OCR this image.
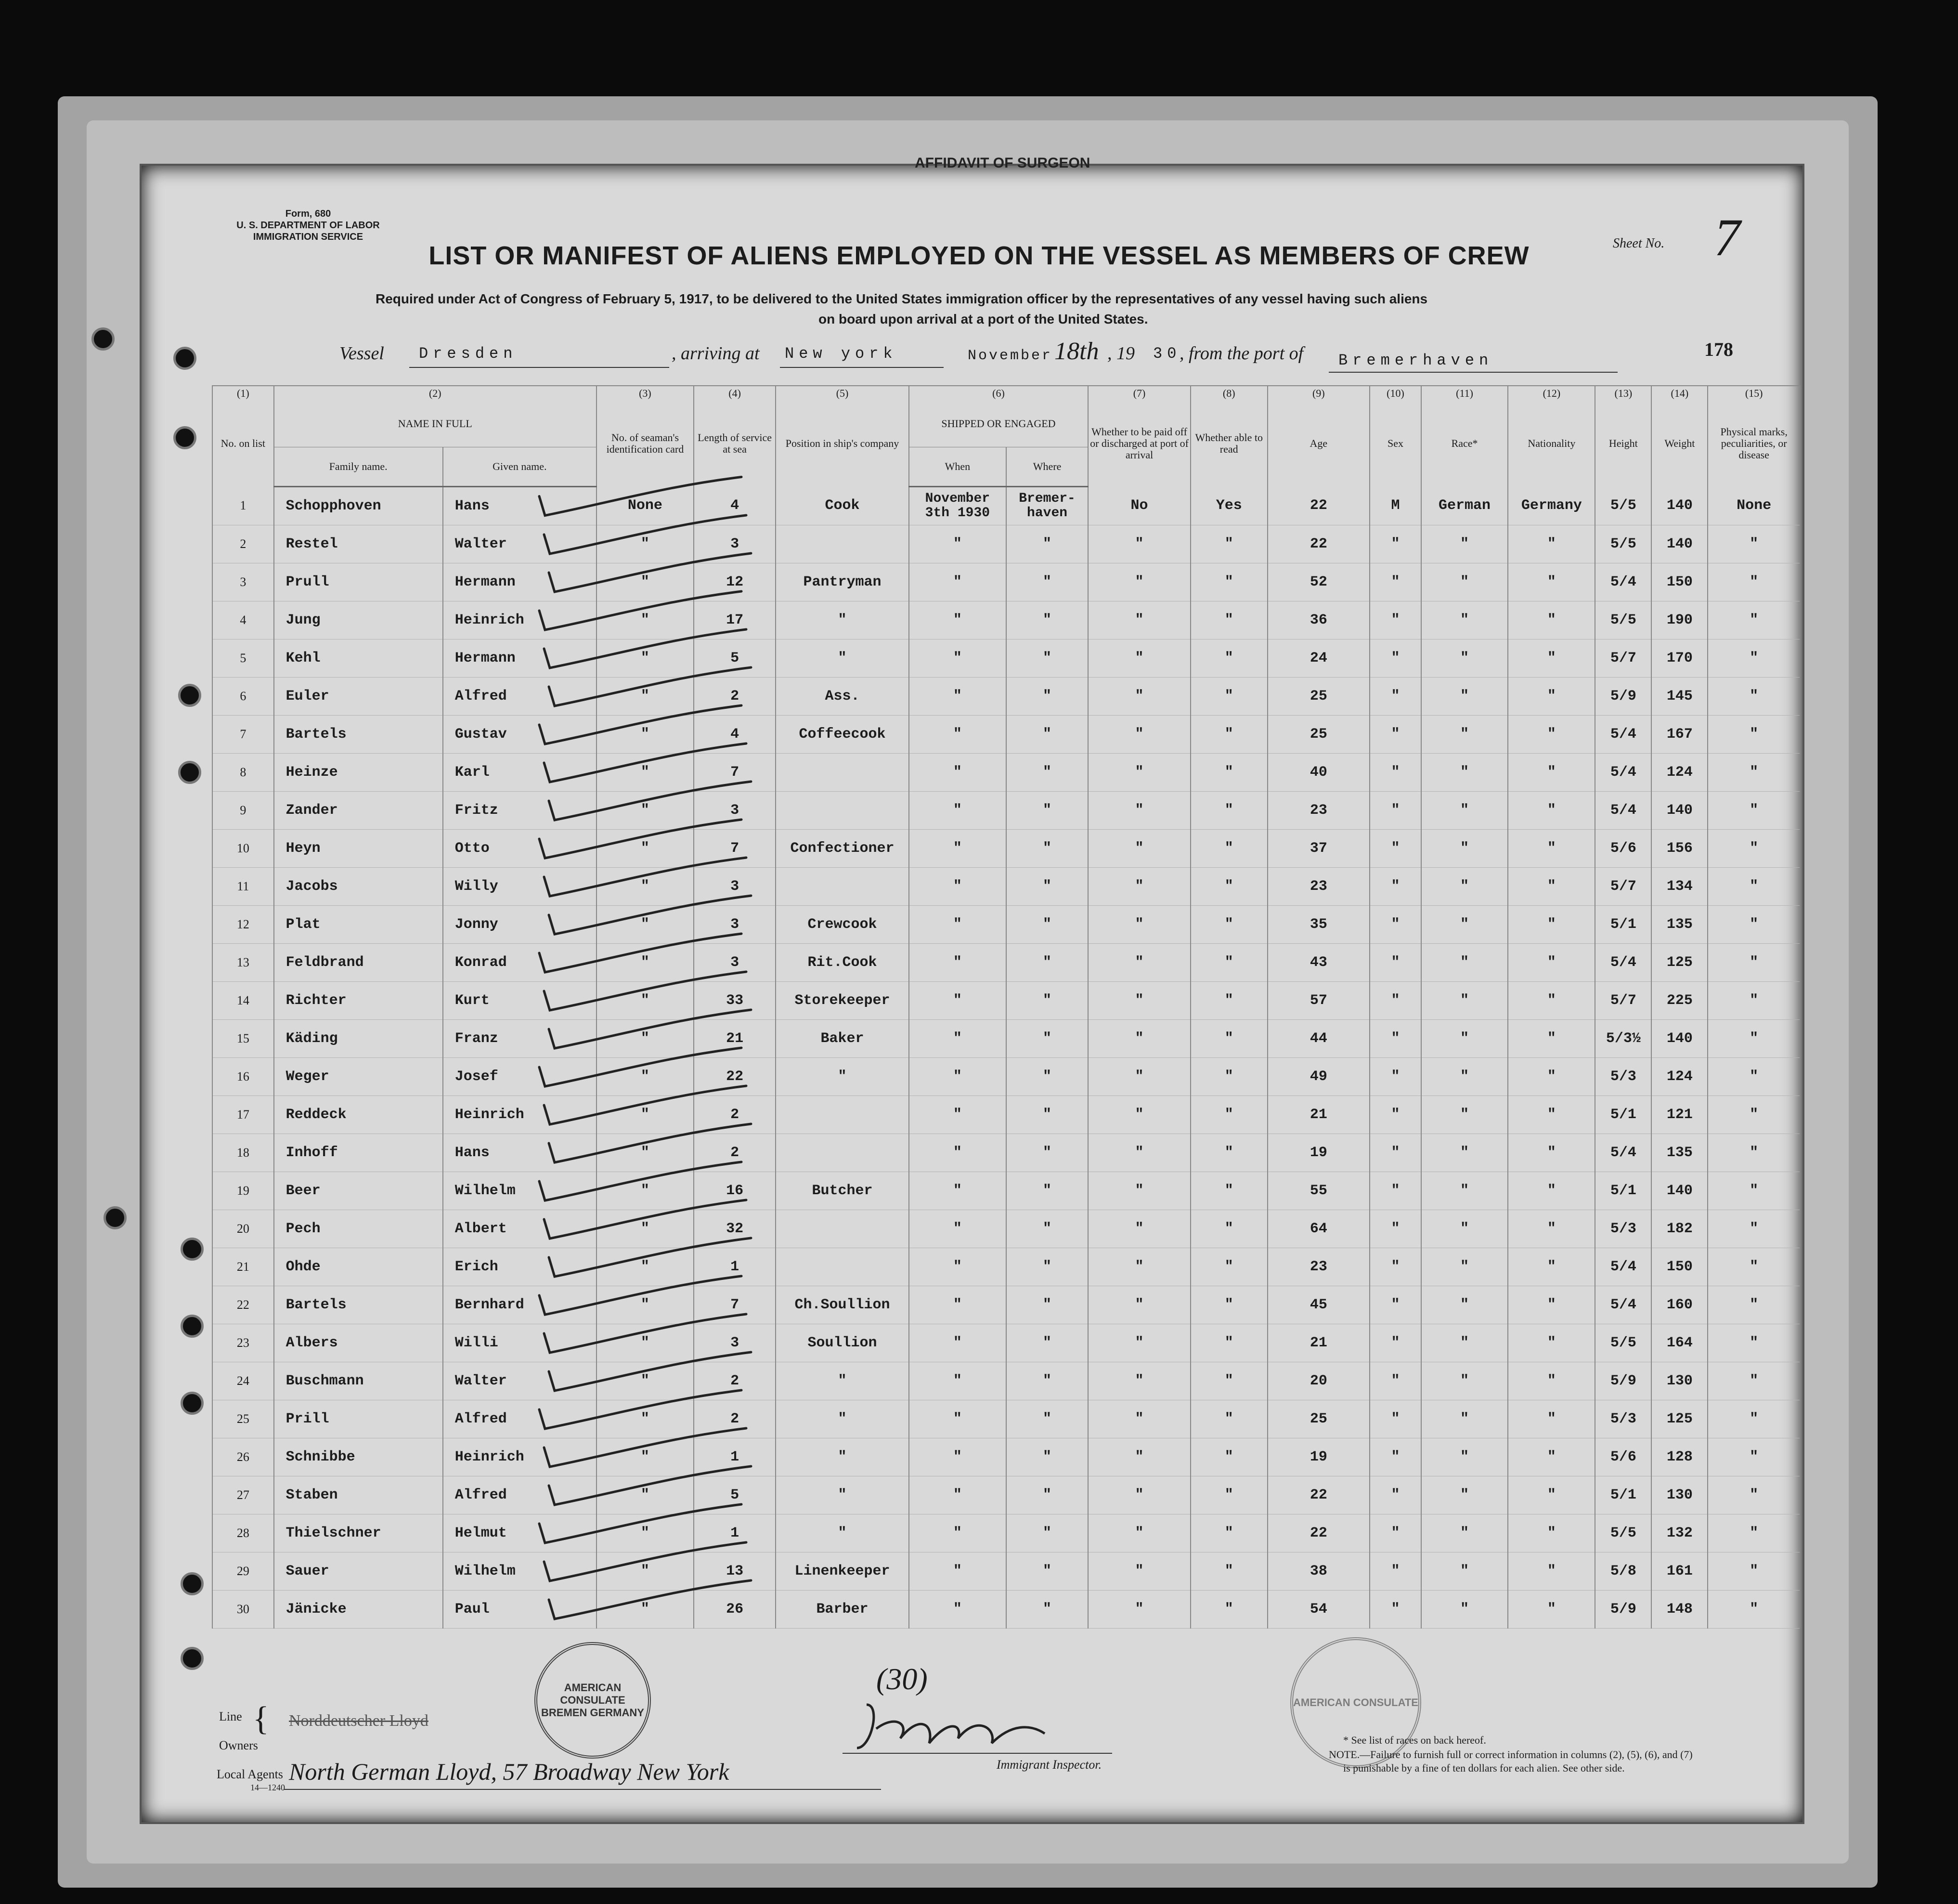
AFFIDAVIT OF SURGEON
Form, 680
U. S. DEPARTMENT OF LABOR
IMMIGRATION SERVICE
LIST OR MANIFEST OF ALIENS EMPLOYED ON THE VESSEL AS MEMBERS OF CREW
Required under Act of Congress of February 5, 1917, to be delivered to the United States immigration officer by the representatives of any vessel having such aliens
on board upon arrival at a port of the United States.
Sheet No. 7
178
Vessel Dresden	, arriving at New york	November 18th , 19 30
, from the port of Bremerhaven
(1)	(2)		(3)	(4)	(5)	(6)		(7)	(8)	(9)	(10)	(11)	(12)	(13)	(14)	(15)
No. on list	NAME IN FULL		No. of seaman's identification card	Length of service at sea	Position in ship's company	SHIPPED OR ENGAGED		Whether to be paid off or discharged at port of arrival	Whether able to read	Age	Sex	Race*	Nationality	Height	Weight	Physical marks, peculiarities, or disease
	Family name.	Given name.				When	Where									
1	Schopphoven	Hans	None	4	Cook	November 3th 1930	Bremer-haven	No	Yes	22	M	German	Germany	5/5	140	None
2	Restel	Walter	"	3		"	"	"	"	22	"	"	"	5/5	140	"
3	Prull	Hermann	"	12	Pantryman	"	"	"	"	52	"	"	"	5/4	150	"
4	Jung	Heinrich	"	17	"	"	"	"	"	36	"	"	"	5/5	190	"
5	Kehl	Hermann	"	5	"	"	"	"	"	24	"	"	"	5/7	170	"
6	Euler	Alfred	"	2	Ass.	"	"	"	"	25	"	"	"	5/9	145	"
7	Bartels	Gustav	"	4	Coffeecook	"	"	"	"	25	"	"	"	5/4	167	"
8	Heinze	Karl	"	7		"	"	"	"	40	"	"	"	5/4	124	"
9	Zander	Fritz	"	3		"	"	"	"	23	"	"	"	5/4	140	"
10	Heyn	Otto	"	7	Confectioner	"	"	"	"	37	"	"	"	5/6	156	"
11	Jacobs	Willy	"	3		"	"	"	"	23	"	"	"	5/7	134	"
12	Plat	Jonny	"	3	Crewcook	"	"	"	"	35	"	"	"	5/1	135	"
13	Feldbrand	Konrad	"	3	Rit.Cook	"	"	"	"	43	"	"	"	5/4	125	"
14	Richter	Kurt	"	33	Storekeeper	"	"	"	"	57	"	"	"	5/7	225	"
15	Käding	Franz	"	21	Baker	"	"	"	"	44	"	"	"	5/3½	140	"
16	Weger	Josef	"	22	"	"	"	"	"	49	"	"	"	5/3	124	"
17	Reddeck	Heinrich	"	2		"	"	"	"	21	"	"	"	5/1	121	"
18	Inhoff	Hans	"	2		"	"	"	"	19	"	"	"	5/4	135	"
19	Beer	Wilhelm	"	16	Butcher	"	"	"	"	55	"	"	"	5/1	140	"
20	Pech	Albert	"	32		"	"	"	"	64	"	"	"	5/3	182	"
21	Ohde	Erich	"	1		"	"	"	"	23	"	"	"	5/4	150	"
22	Bartels	Bernhard	"	7	Ch.Soullion	"	"	"	"	45	"	"	"	5/4	160	"
23	Albers	Willi	"	3	Soullion	"	"	"	"	21	"	"	"	5/5	164	"
24	Buschmann	Walter	"	2	"	"	"	"	"	20	"	"	"	5/9	130	"
25	Prill	Alfred	"	2	"	"	"	"	"	25	"	"	"	5/3	125	"
26	Schnibbe	Heinrich	"	1	"	"	"	"	"	19	"	"	"	5/6	128	"
27	Staben	Alfred	"	5	"	"	"	"	"	22	"	"	"	5/1	130	"
28	Thielschner	Helmut	"	1	"	"	"	"	"	22	"	"	"	5/5	132	"
29	Sauer	Wilhelm	"	13	Linenkeeper	"	"	"	"	38	"	"	"	5/8	161	"
30	Jänicke	Paul	"	26	Barber	"	"	"	"	54	"	"	"	5/9	148	"
Line {
Owners
Norddeutscher Lloyd
Local Agents
14—1240
North German Lloyd, 57 Broadway New York
(30)
Immigrant Inspector.
AMERICAN CONSULATE BREMEN GERMANY
AMERICAN CONSULATE
* See list of races on back hereof.
NOTE.—Failure to furnish full or correct information in columns (2), (5), (6), and (7)
is punishable by a fine of ten dollars for each alien. See other side.
